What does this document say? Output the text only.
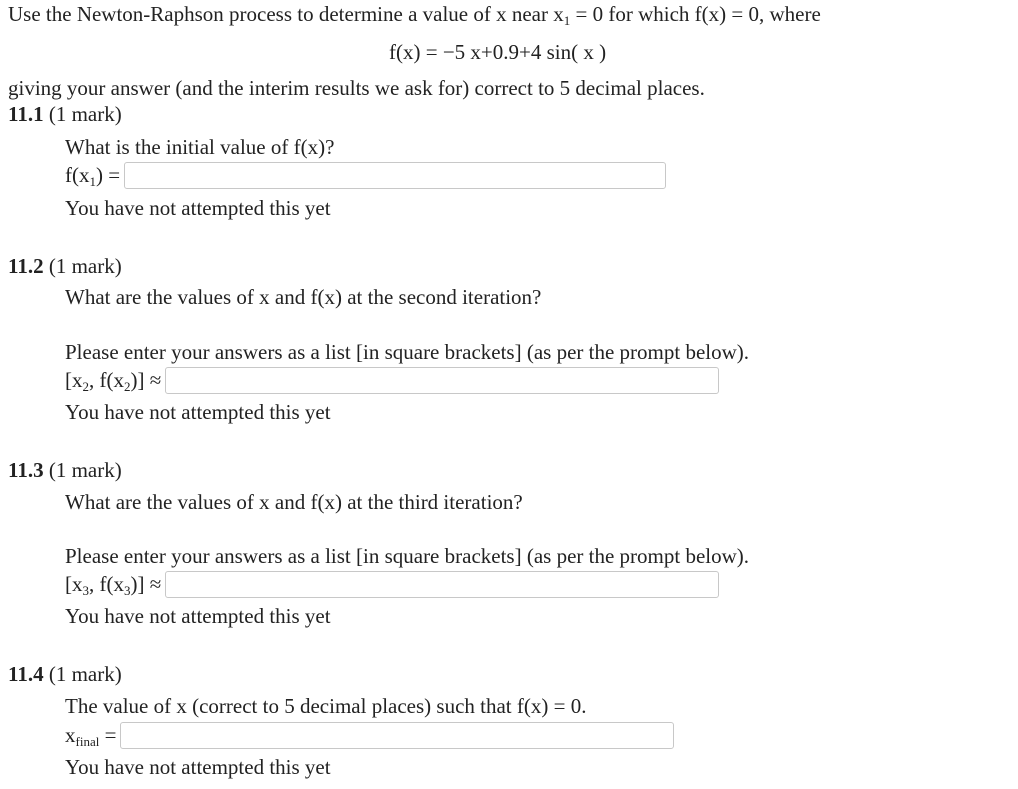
Use the Newton-Raphson process to determine a value of x near $x_1 = 0$ for which f(x) = 0, where
f(x) = −5 x+0.9+4 sin( x )
giving your answer (and the interim results we ask for) correct to 5 decimal places.
11.1 (1 mark)
What is the initial value of f(x)?
$f(x_1)$ =
You have not attempted this yet
11.2 (1 mark)
What are the values of x and f(x) at the second iteration?
Please enter your answers as a list [in square brackets] (as per the prompt below).
[$x_2$, $f(x_2)$] ≈
You have not attempted this yet
11.3 (1 mark)
What are the values of x and f(x) at the third iteration?
Please enter your answers as a list [in square brackets] (as per the prompt below).
[$x_3$, $f(x_3)$] ≈
You have not attempted this yet
11.4 (1 mark)
The value of x (correct to 5 decimal places) such that f(x) = 0.
$x_{final}$ =
You have not attempted this yet
